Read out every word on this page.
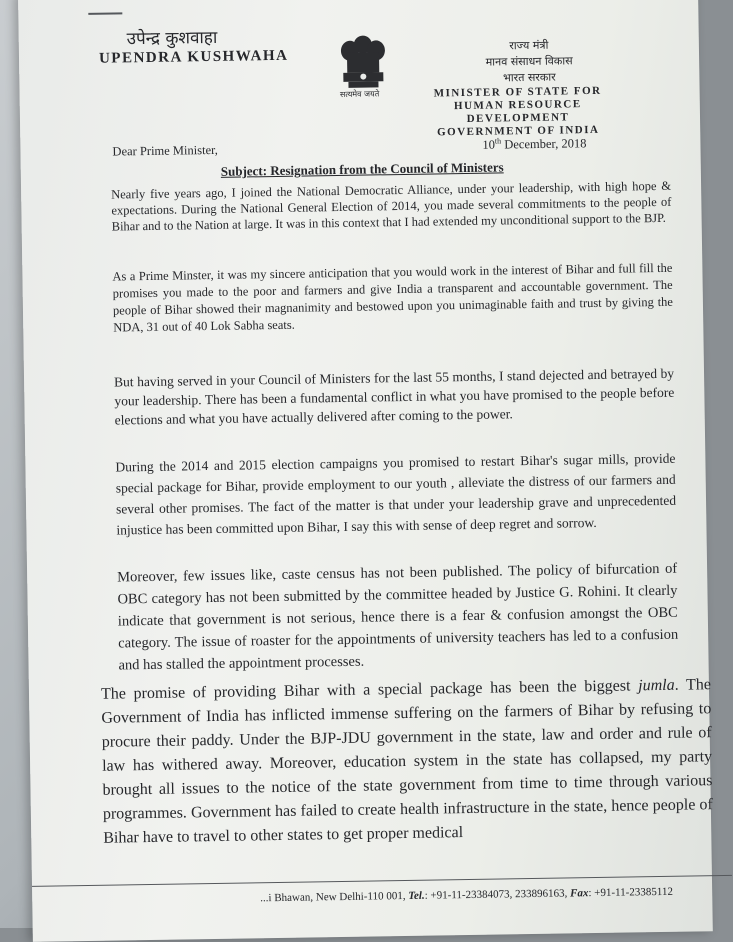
उपेन्द्र कुशवाहा
UPENDRA KUSHWAHA
सत्यमेव जयते
राज्य मंत्री
मानव संसाधन विकास
भारत सरकार
MINISTER OF STATE FOR
HUMAN RESOURCE DEVELOPMENT
GOVERNMENT OF INDIA
Dear Prime Minister,	10th December, 2018
Subject: Resignation from the Council of Ministers
Nearly five years ago, I joined the National Democratic Alliance, under your leadership, with high hope & expectations. During the National General Election of 2014, you made several commitments to the people of Bihar and to the Nation at large. It was in this context that I had extended my unconditional support to the BJP.
As a Prime Minster, it was my sincere anticipation that you would work in the interest of Bihar and full fill the promises you made to the poor and farmers and give India a transparent and accountable government. The people of Bihar showed their magnanimity and bestowed upon you unimaginable faith and trust by giving the NDA, 31 out of 40 Lok Sabha seats.
But having served in your Council of Ministers for the last 55 months, I stand dejected and betrayed by your leadership. There has been a fundamental conflict in what you have promised to the people before elections and what you have actually delivered after coming to the power.
During the 2014 and 2015 election campaigns you promised to restart Bihar's sugar mills, provide special package for Bihar, provide employment to our youth , alleviate the distress of our farmers and several other promises. The fact of the matter is that under your leadership grave and unprecedented injustice has been committed upon Bihar, I say this with sense of deep regret and sorrow.
Moreover, few issues like, caste census has not been published. The policy of bifurcation of OBC category has not been submitted by the committee headed by Justice G. Rohini. It clearly indicate that government is not serious, hence there is a fear & confusion amongst the OBC category. The issue of roaster for the appointments of university teachers has led to a confusion and has stalled the appointment processes.
The promise of providing Bihar with a special package has been the biggest jumla. The Government of India has inflicted immense suffering on the farmers of Bihar by refusing to procure their paddy. Under the BJP-JDU government in the state, law and order and rule of law has withered away. Moreover, education system in the state has collapsed, my party brought all issues to the notice of the state government from time to time through various programmes. Government has failed to create health infrastructure in the state, hence people of Bihar have to travel to other states to get proper medical
...i Bhawan, New Delhi-110 001, Tel.: +91-11-23384073, 233896163, Fax: +91-11-23385112
